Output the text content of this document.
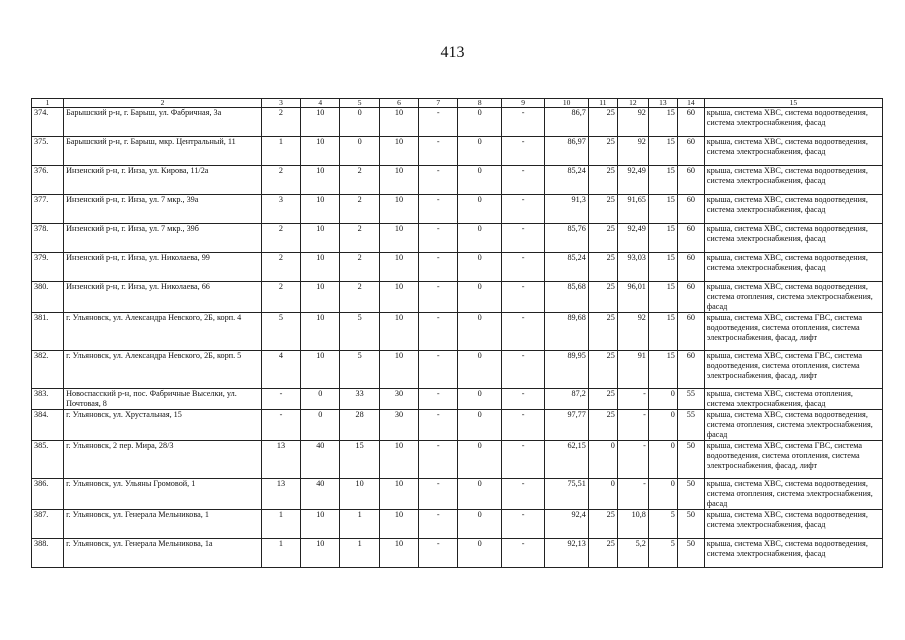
413
1	2	3	4	5	6	7	8	9	10	11	12	13	14	15
374.	Барышский р-н, г. Барыш, ул. Фабричная, 3а	2	10	0	10	-	0	-	86,7	25	92	15	60	крыша, система ХВС, система водоотведения, система электроснабжения, фасад
375.	Барышский р-н, г. Барыш, мкр. Центральный, 11	1	10	0	10	-	0	-	86,97	25	92	15	60	крыша, система ХВС, система водоотведения, система электроснабжения, фасад
376.	Инзенский р-н, г. Инза, ул. Кирова, 11/2а	2	10	2	10	-	0	-	85,24	25	92,49	15	60	крыша, система ХВС, система водоотведения, система электроснабжения, фасад
377.	Инзенский р-н, г. Инза, ул. 7 мкр., 39а	3	10	2	10	-	0	-	91,3	25	91,65	15	60	крыша, система ХВС, система водоотведения, система электроснабжения, фасад
378.	Инзенский р-н, г. Инза, ул. 7 мкр., 39б	2	10	2	10	-	0	-	85,76	25	92,49	15	60	крыша, система ХВС, система водоотведения, система электроснабжения, фасад
379.	Инзенский р-н, г. Инза, ул. Николаева, 99	2	10	2	10	-	0	-	85,24	25	93,03	15	60	крыша, система ХВС, система водоотведения, система электроснабжения, фасад
380.	Инзенский р-н, г. Инза, ул. Николаева, 66	2	10	2	10	-	0	-	85,68	25	96,01	15	60	крыша, система ХВС, система водоотведения, система отопления, система электроснабжения, фасад
381.	г. Ульяновск, ул. Александра Невского, 2Б, корп. 4	5	10	5	10	-	0	-	89,68	25	92	15	60	крыша, система ХВС, система ГВС, система водоотведения, система отопления, система электроснабжения, фасад, лифт
382.	г. Ульяновск, ул. Александра Невского, 2Б, корп. 5	4	10	5	10	-	0	-	89,95	25	91	15	60	крыша, система ХВС, система ГВС, система водоотведения, система отопления, система электроснабжения, фасад, лифт
383.	Новоспасский р-н, пос. Фабричные Выселки, ул. Почтовая, 8	-	0	33	30	-	0	-	87,2	25	-	0	55	крыша, система ХВС, система отопления, система электроснабжения, фасад
384.	г. Ульяновск, ул. Хрустальная, 15	-	0	28	30	-	0	-	97,77	25	-	0	55	крыша, система ХВС, система водоотведения, система отопления, система электроснабжения, фасад
385.	г. Ульяновск, 2 пер. Мира, 28/3	13	40	15	10	-	0	-	62,15	0	-	0	50	крыша, система ХВС, система ГВС, система водоотведения, система отопления, система электроснабжения, фасад, лифт
386.	г. Ульяновск, ул. Ульяны Громовой, 1	13	40	10	10	-	0	-	75,51	0	-	0	50	крыша, система ХВС, система водоотведения, система отопления, система электроснабжения, фасад
387.	г. Ульяновск, ул. Генерала Мельникова, 1	1	10	1	10	-	0	-	92,4	25	10,8	5	50	крыша, система ХВС, система водоотведения, система электроснабжения, фасад
388.	г. Ульяновск, ул. Генерала Мельникова, 1а	1	10	1	10	-	0	-	92,13	25	5,2	5	50	крыша, система ХВС, система водоотведения, система электроснабжения, фасад
